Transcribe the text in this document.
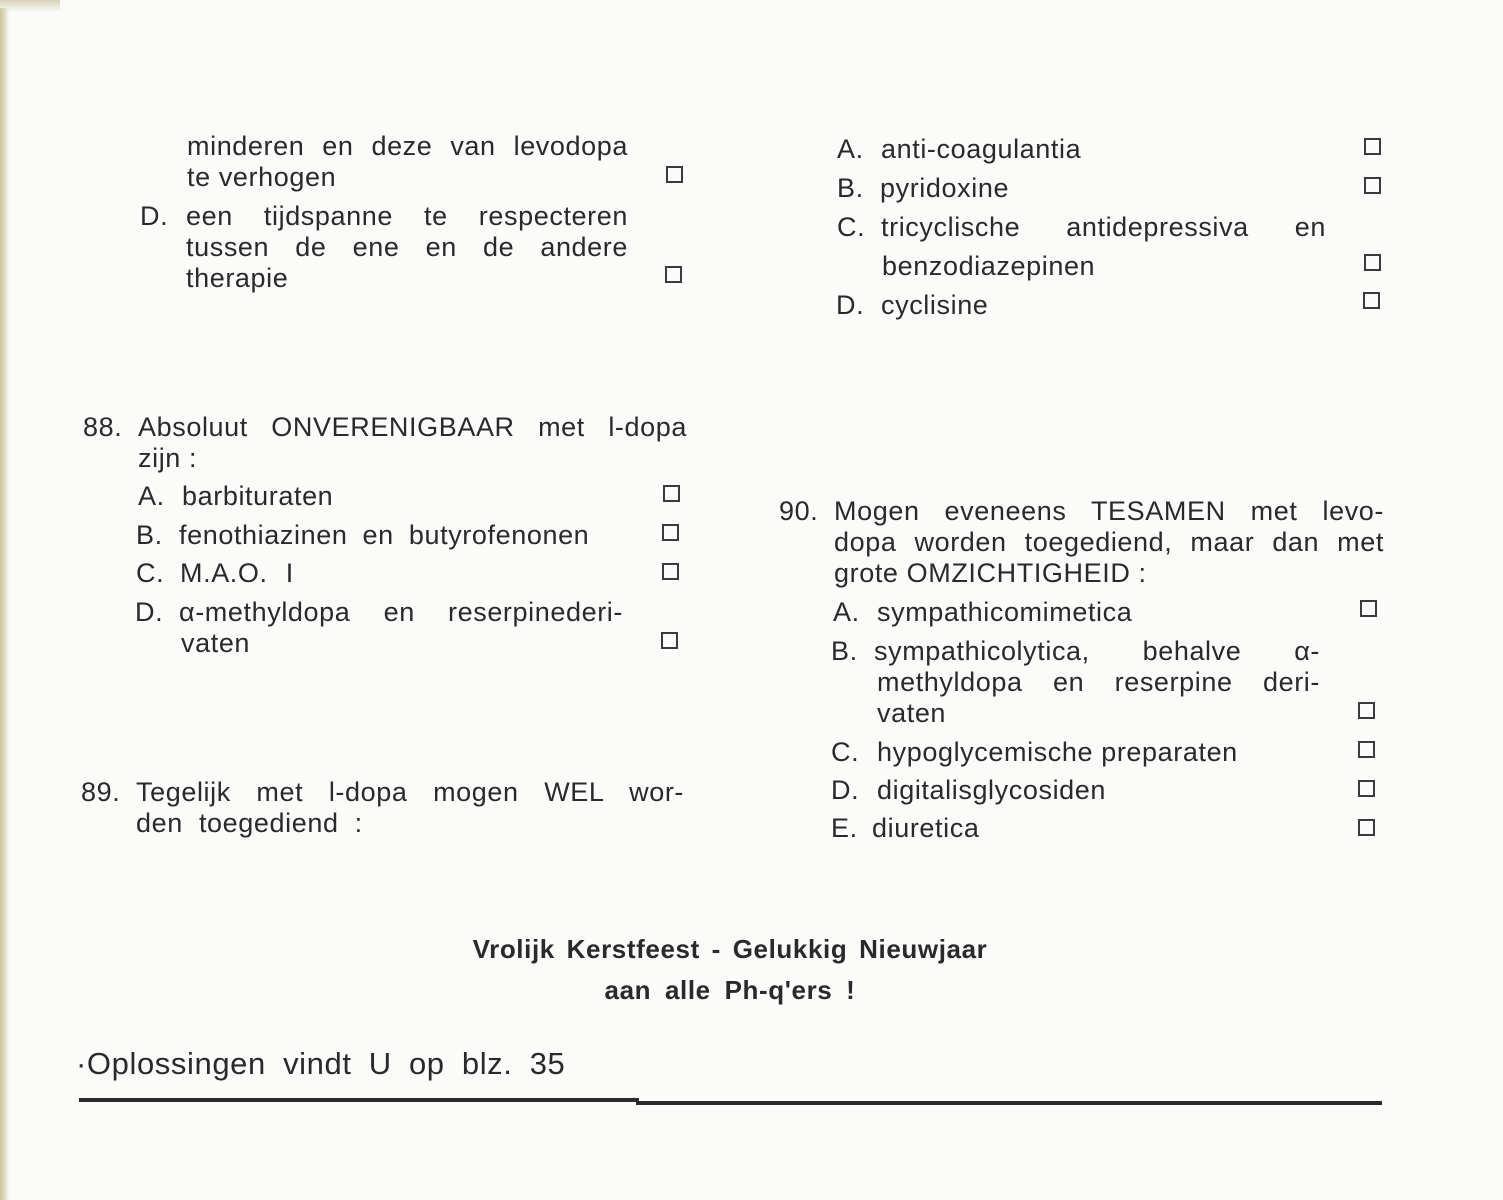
minderen en deze van levodopa
te verhogen
D. een tijdspanne te respecteren
tussen de ene en de andere
therapie
88. Absoluut ONVERENIGBAAR met l-dopa
zijn :
A. barbituraten
B. fenothiazinen en butyrofenonen
C. M.A.O. I
D. α-methyldopa en reserpinederi-
vaten
89. Tegelijk met l-dopa mogen WEL wor-
den toegediend :
A. anti-coagulantia
B. pyridoxine
C. tricyclische antidepressiva en
benzodiazepinen
D. cyclisine
90. Mogen eveneens TESAMEN met levo-
dopa worden toegediend, maar dan met
grote OMZICHTIGHEID :
A. sympathicomimetica
B. sympathicolytica, behalve α-
methyldopa en reserpine deri-
vaten
C. hypoglycemische preparaten
D. digitalisglycosiden
E. diuretica
Vrolijk Kerstfeest - Gelukkig Nieuwjaar
aan alle Ph-q'ers !
·Oplossingen vindt U op blz. 35
